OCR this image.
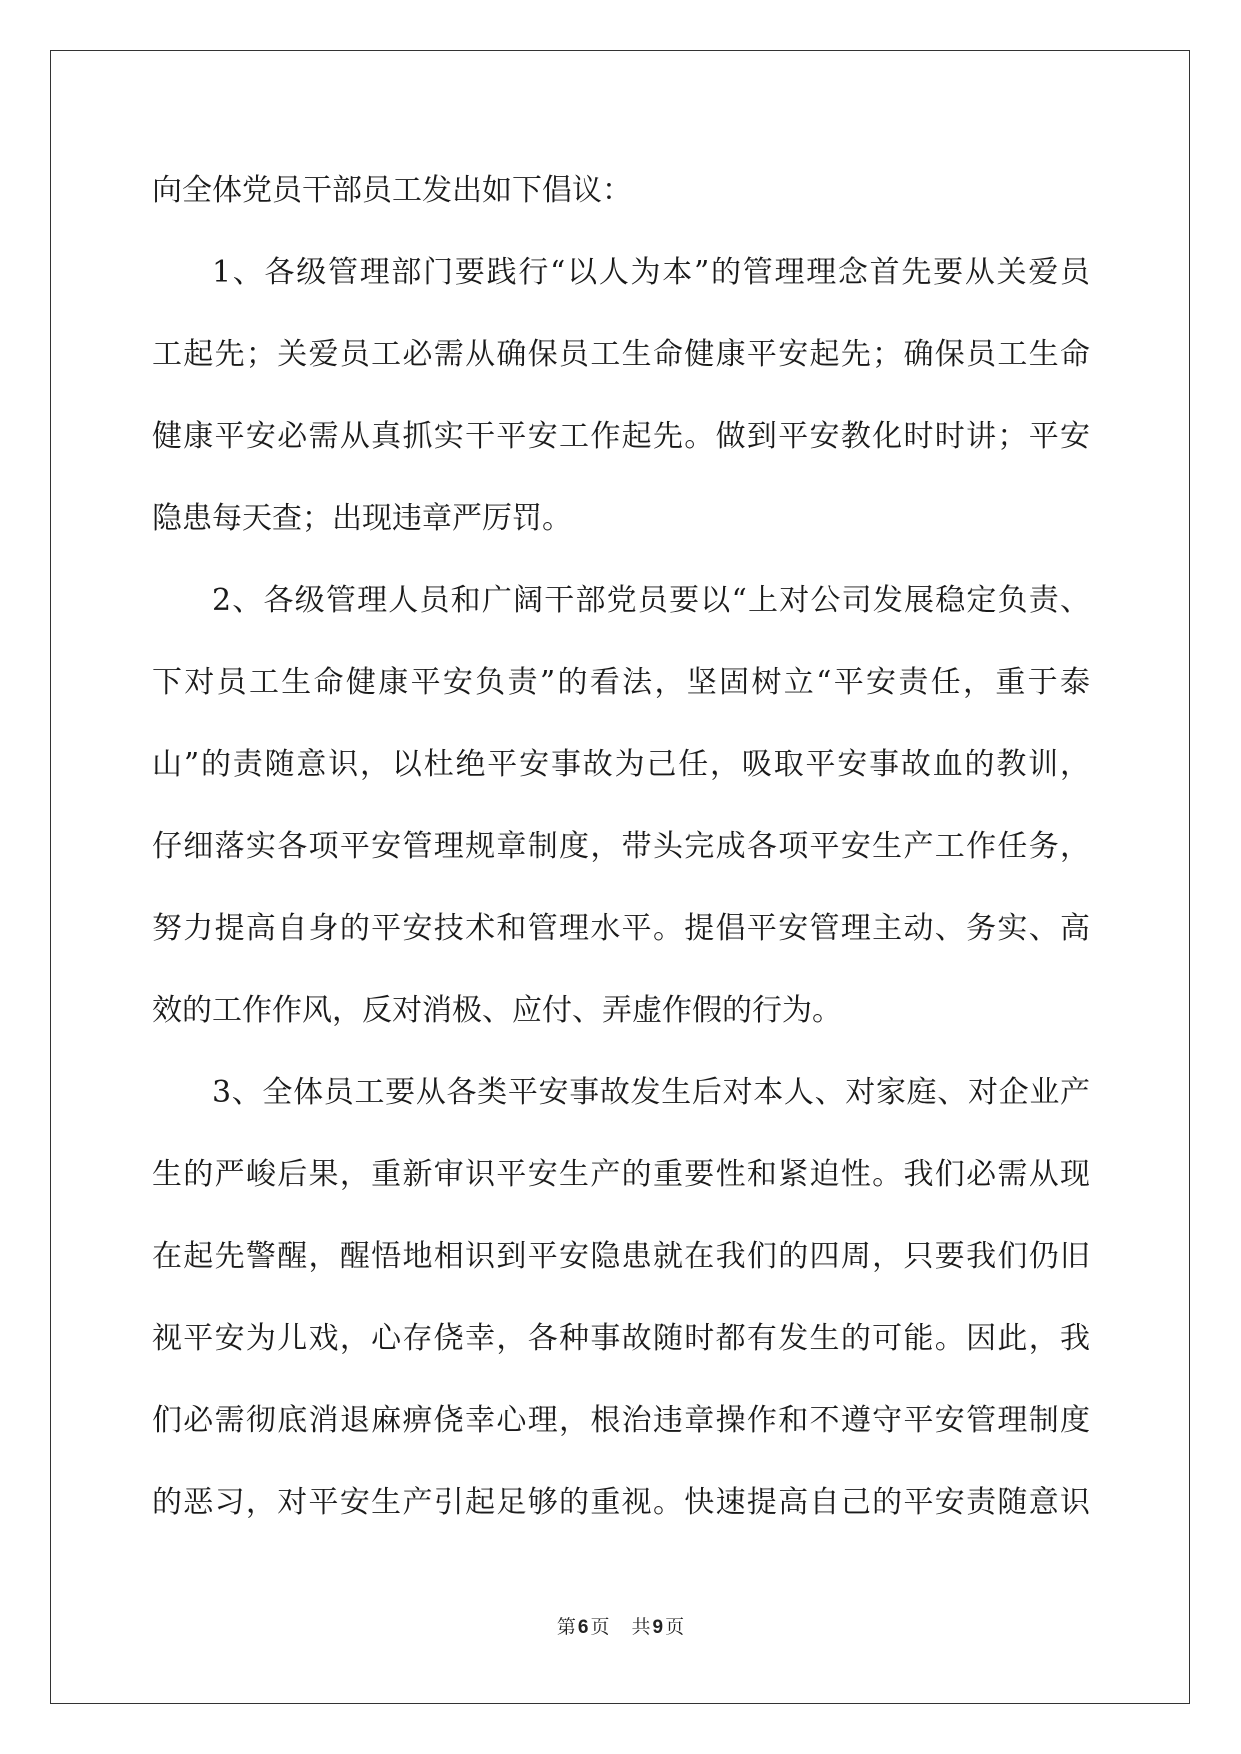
向全体党员干部员工发出如下倡议：
1、各级管理部门要践行“以人为本”的管理理念首先要从关爱员
工起先；关爱员工必需从确保员工生命健康平安起先；确保员工生命
健康平安必需从真抓实干平安工作起先。做到平安教化时时讲；平安
隐患每天查；出现违章严厉罚。
2、各级管理人员和广阔干部党员要以“上对公司发展稳定负责、
下对员工生命健康平安负责”的看法，坚固树立“平安责任，重于泰
山”的责随意识，以杜绝平安事故为己任，吸取平安事故血的教训，
仔细落实各项平安管理规章制度，带头完成各项平安生产工作任务，
努力提高自身的平安技术和管理水平。提倡平安管理主动、务实、高
效的工作作风，反对消极、应付、弄虚作假的行为。
3、全体员工要从各类平安事故发生后对本人、对家庭、对企业产
生的严峻后果，重新审识平安生产的重要性和紧迫性。我们必需从现
在起先警醒，醒悟地相识到平安隐患就在我们的四周，只要我们仍旧
视平安为儿戏，心存侥幸，各种事故随时都有发生的可能。因此，我
们必需彻底消退麻痹侥幸心理，根治违章操作和不遵守平安管理制度
的恶习，对平安生产引起足够的重视。快速提高自己的平安责随意识
第 6 页 共 9 页
